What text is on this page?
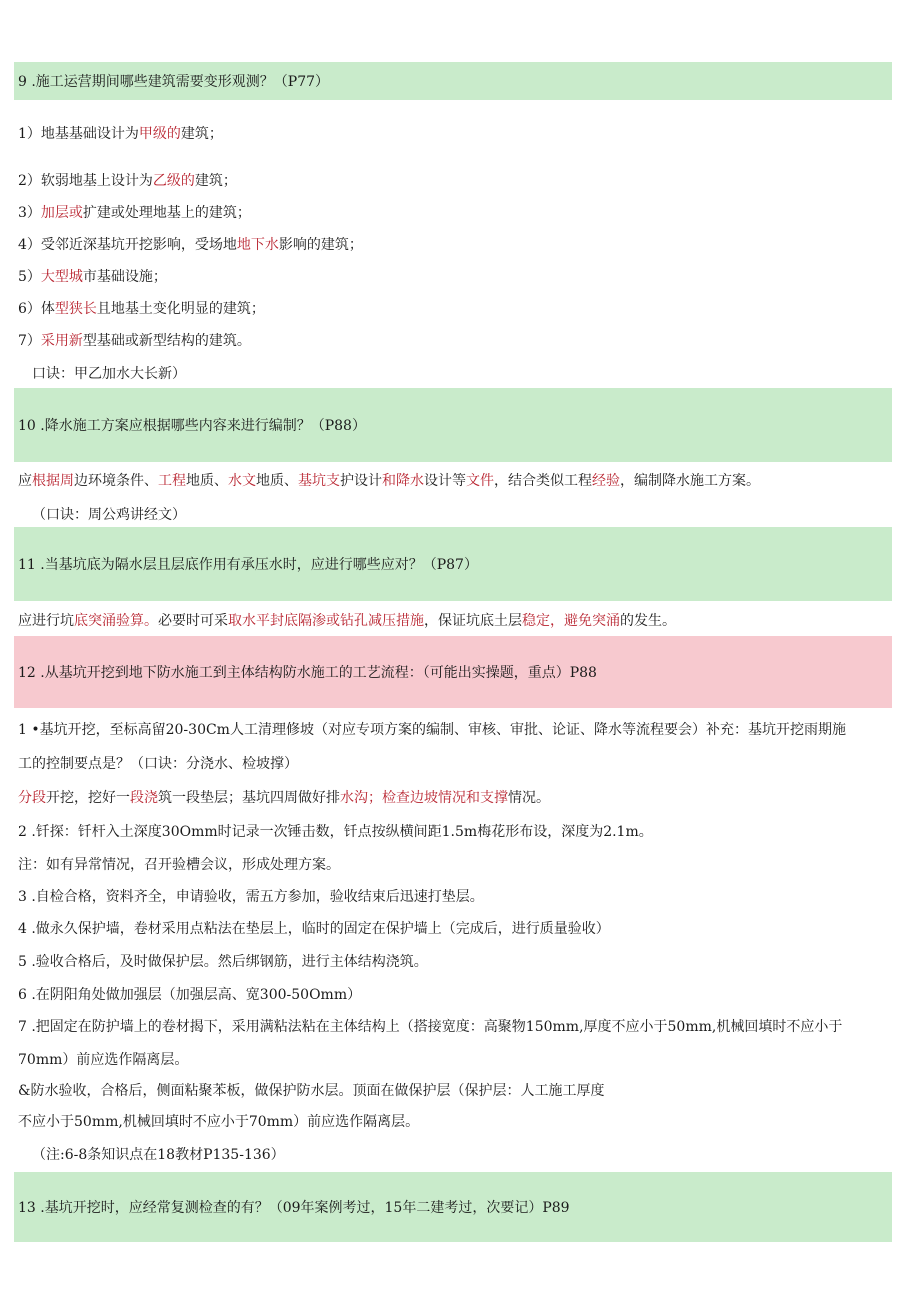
9 .施工运营期间哪些建筑需要变形观测？（P77）
1）地基基础设计为甲级的建筑；
2）软弱地基上设计为乙级的建筑；
3）加层或扩建或处理地基上的建筑；
4）受邻近深基坑开挖影响，受场地地下水影响的建筑；
5）大型城市基础设施；
6）体型狭长且地基土变化明显的建筑；
7）采用新型基础或新型结构的建筑。
口诀：甲乙加水大长新）
10 .降水施工方案应根据哪些内容来进行编制？（P88）
应根据周边环境条件、工程地质、水文地质、基坑支护设计和降水设计等文件，结合类似工程经验，编制降水施工方案。
（口诀：周公鸡讲经文）
11 .当基坑底为隔水层且层底作用有承压水时，应进行哪些应对？（P87）
应进行坑底突涌验算。必要时可采取水平封底隔渗或钻孔减压措施，保证坑底土层稳定，避免突涌的发生。
12 .从基坑开挖到地下防水施工到主体结构防水施工的工艺流程：（可能出实操题，重点）P88
1 •基坑开挖，至标高留20-30Cm人工清理修坡（对应专项方案的编制、审核、审批、论证、降水等流程要会）补充：基坑开挖雨期施
工的控制要点是？（口诀：分浇水、检坡撑）
分段开挖，挖好一段浇筑一段垫层；基坑四周做好排水沟；检查边坡情况和支撑情况。
2 .钎探：钎杆入土深度30Omm时记录一次锤击数，钎点按纵横间距1.5m梅花形布设，深度为2.1m。
注：如有异常情况，召开验槽会议，形成处理方案。
3 .自检合格，资料齐全，申请验收，需五方参加，验收结束后迅速打垫层。
4 .做永久保护墙，卷材采用点粘法在垫层上，临时的固定在保护墙上（完成后，进行质量验收）
5 .验收合格后，及时做保护层。然后绑钢筋，进行主体结构浇筑。
6 .在阴阳角处做加强层（加强层高、宽300-50Omm）
7 .把固定在防护墙上的卷材揭下，采用满粘法粘在主体结构上（搭接宽度：高聚物150mm,厚度不应小于50mm,机械回填时不应小于
70mm）前应选作隔离层。
&防水验收，合格后，侧面粘聚苯板，做保护防水层。顶面在做保护层（保护层：人工施工厚度
不应小于50mm,机械回填时不应小于70mm）前应选作隔离层。
（注:6-8条知识点在18教材P135-136）
13 .基坑开挖时，应经常复测检查的有？（09年案例考过，15年二建考过，次要记）P89
